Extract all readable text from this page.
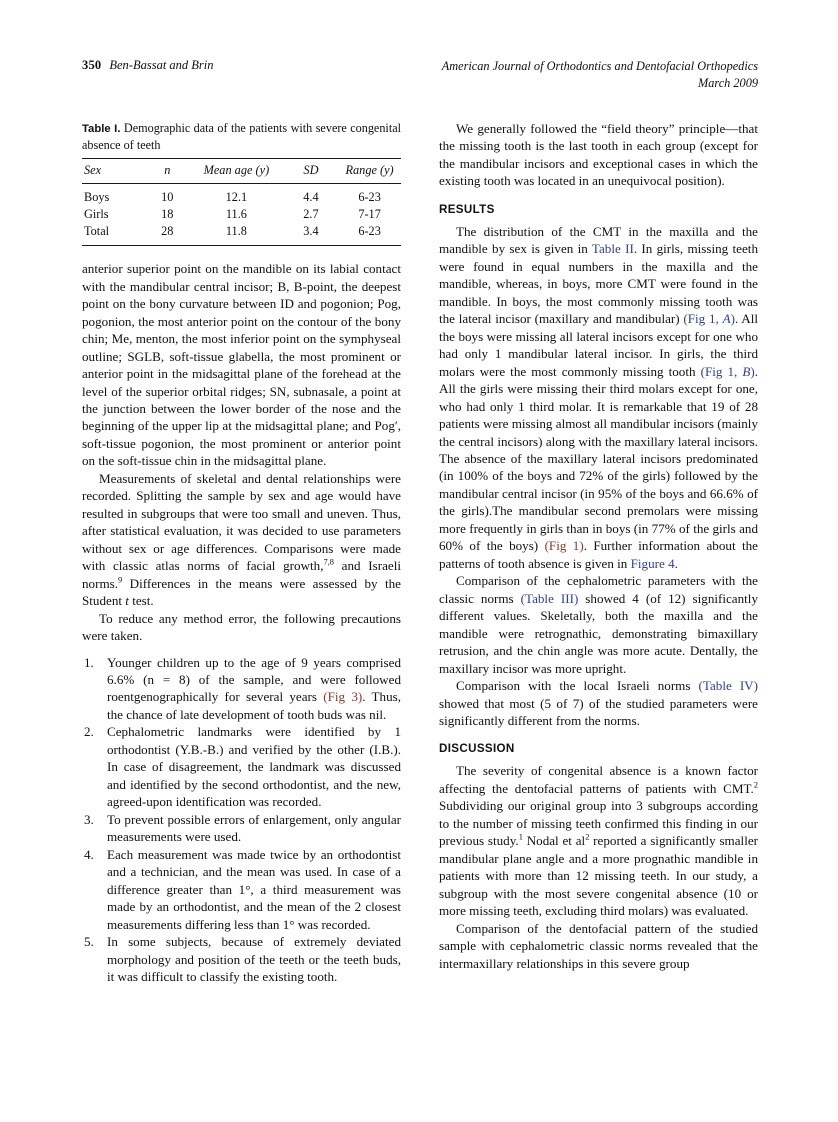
350 Ben-Bassat and Brin	American Journal of Orthodontics and Dentofacial Orthopedics
March 2009
Table I. Demographic data of the patients with severe congenital absence of teeth
Sex	n	Mean age (y)	SD	Range (y)
Boys	10	12.1	4.4	6-23
Girls	18	11.6	2.7	7-17
Total	28	11.8	3.4	6-23

anterior superior point on the mandible on its labial contact with the mandibular central incisor; B, B-point, the deepest point on the bony curvature between ID and pogonion; Pog, pogonion, the most anterior point on the contour of the bony chin; Me, menton, the most inferior point on the symphyseal outline; SGLB, soft-tissue glabella, the most prominent or anterior point in the midsagittal plane of the forehead at the level of the superior orbital ridges; SN, subnasale, a point at the junction between the lower border of the nose and the beginning of the upper lip at the midsagittal plane; and Pog′, soft-tissue pogonion, the most prominent or anterior point on the soft-tissue chin in the midsagittal plane.

Measurements of skeletal and dental relationships were recorded. Splitting the sample by sex and age would have resulted in subgroups that were too small and uneven. Thus, after statistical evaluation, it was decided to use parameters without sex or age differences. Comparisons were made with classic atlas norms of facial growth,$^{7,8}$ and Israeli norms.$^9$ Differences in the means were assessed by the Student t test.

To reduce any method error, the following precautions were taken.

Younger children up to the age of 9 years comprised 6.6% (n = 8) of the sample, and were followed roentgenographically for several years (Fig 3). Thus, the chance of late development of tooth buds was nil.
Cephalometric landmarks were identified by 1 orthodontist (Y.B.-B.) and verified by the other (I.B.). In case of disagreement, the landmark was discussed and identified by the second orthodontist, and the new, agreed-upon identification was recorded.
To prevent possible errors of enlargement, only angular measurements were used.
Each measurement was made twice by an orthodontist and a technician, and the mean was used. In case of a difference greater than 1°, a third measurement was made by an orthodontist, and the mean of the 2 closest measurements differing less than 1° was recorded.
In some subjects, because of extremely deviated morphology and position of the teeth or the teeth buds, it was difficult to classify the existing tooth.

We generally followed the “field theory” principle—that the missing tooth is the last tooth in each group (except for the mandibular incisors and exceptional cases in which the existing tooth was located in an unequivocal position).

RESULTS

The distribution of the CMT in the maxilla and the mandible by sex is given in Table II. In girls, missing teeth were found in equal numbers in the maxilla and the mandible, whereas, in boys, more CMT were found in the mandible. In boys, the most commonly missing tooth was the lateral incisor (maxillary and mandibular) (Fig 1, A). All the boys were missing all lateral incisors except for one who had only 1 mandibular lateral incisor. In girls, the third molars were the most commonly missing tooth (Fig 1, B). All the girls were missing their third molars except for one, who had only 1 third molar. It is remarkable that 19 of 28 patients were missing almost all mandibular incisors (mainly the central incisors) along with the maxillary lateral incisors. The absence of the maxillary lateral incisors predominated (in 100% of the boys and 72% of the girls) followed by the mandibular central incisor (in 95% of the boys and 66.6% of the girls).The mandibular second premolars were missing more frequently in girls than in boys (in 77% of the girls and 60% of the boys) (Fig 1). Further information about the patterns of tooth absence is given in Figure 4.

Comparison of the cephalometric parameters with the classic norms (Table III) showed 4 (of 12) significantly different values. Skeletally, both the maxilla and the mandible were retrognathic, demonstrating bimaxillary retrusion, and the chin angle was more acute. Dentally, the maxillary incisor was more upright.

Comparison with the local Israeli norms (Table IV) showed that most (5 of 7) of the studied parameters were significantly different from the norms.

DISCUSSION

The severity of congenital absence is a known factor affecting the dentofacial patterns of patients with CMT.$^2$ Subdividing our original group into 3 subgroups according to the number of missing teeth confirmed this finding in our previous study.$^1$ Nodal et $al^2$ reported a significantly smaller mandibular plane angle and a more prognathic mandible in patients with more than 12 missing teeth. In our study, a subgroup with the most severe congenital absence (10 or more missing teeth, excluding third molars) was evaluated.

Comparison of the dentofacial pattern of the studied sample with cephalometric classic norms revealed that the intermaxillary relationships in this severe group
